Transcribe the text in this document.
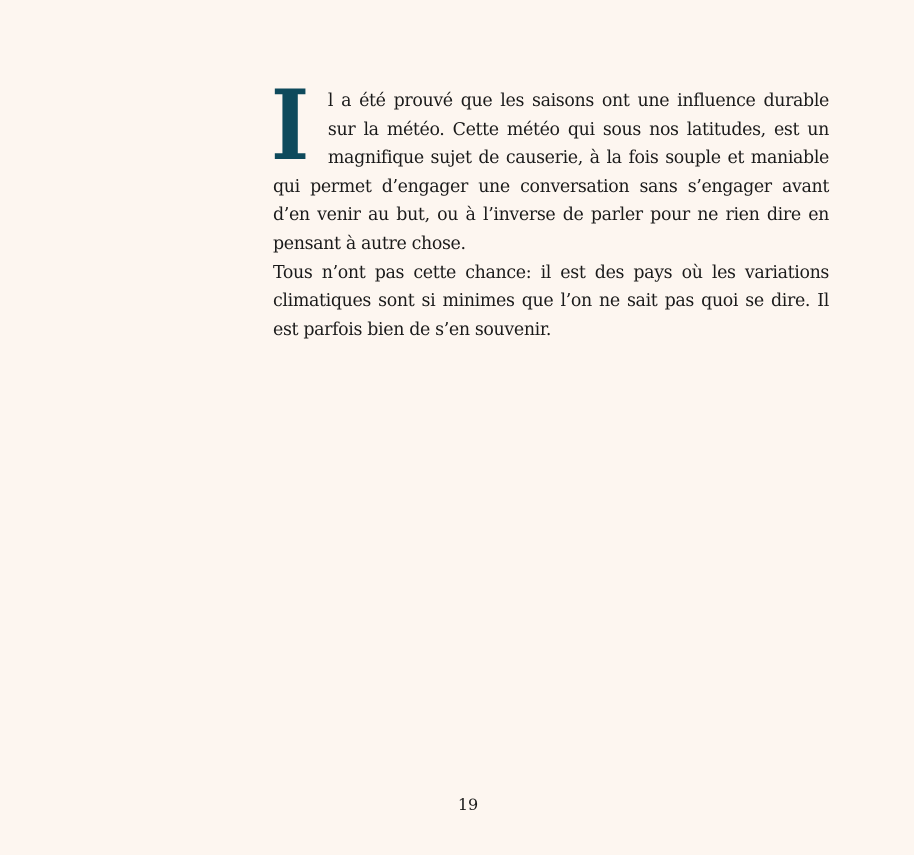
I l a été prouvé que les saisons ont une influence durable sur la météo. Cette météo qui sous nos latitudes, est un magnifique sujet de causerie, à la fois souple et maniable qui permet d’engager une conversation sans s’engager avant d’en venir au but, ou à l’inverse de parler pour ne rien dire en pensant à autre chose.

Tous n’ont pas cette chance: il est des pays où les variations climatiques sont si minimes que l’on ne sait pas quoi se dire. Il est parfois bien de s’en souvenir.

19
